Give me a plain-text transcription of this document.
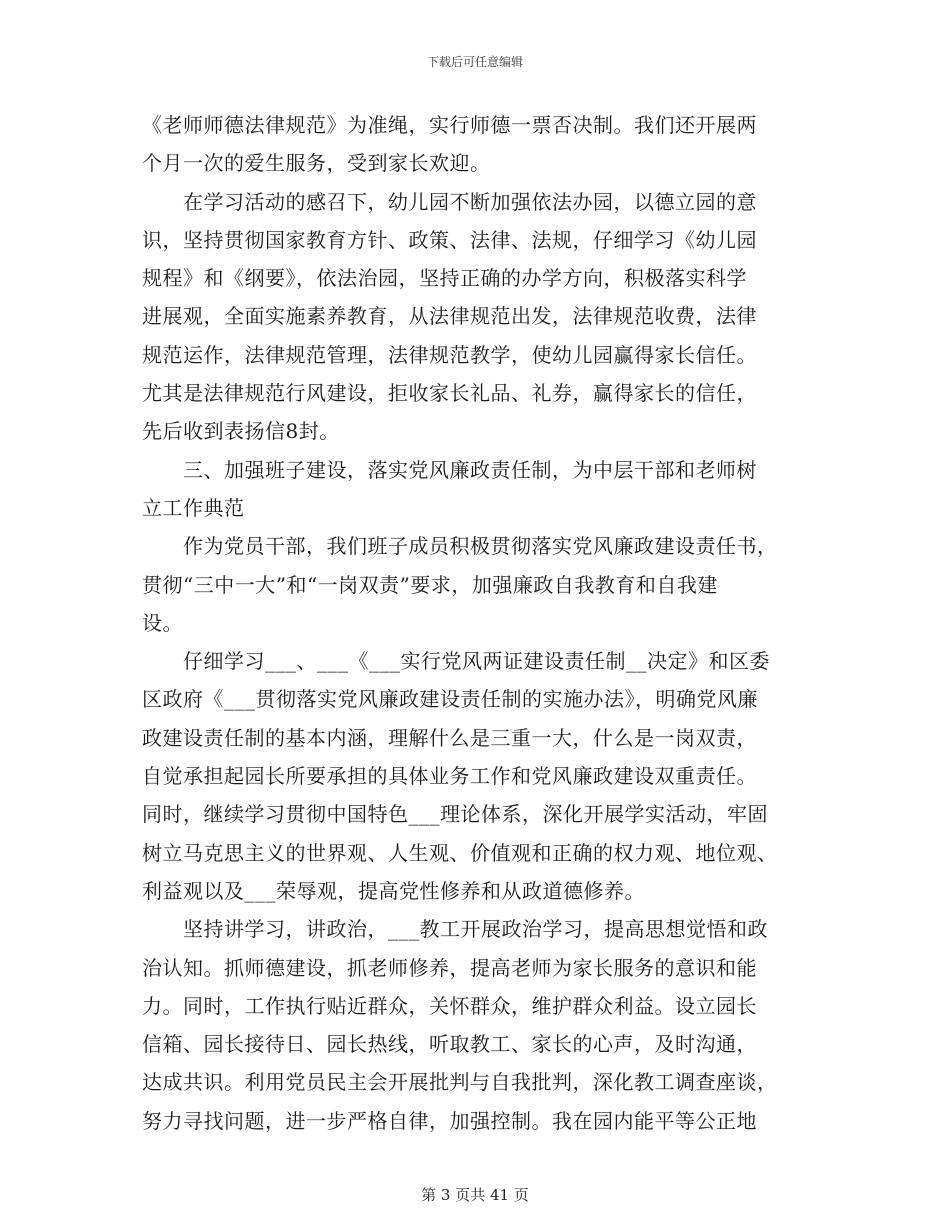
下载后可任意编辑
《老师师德法律规范》为准绳，实行师德一票否决制。我们还开展两
个月一次的爱生服务，受到家长欢迎。
　　在学习活动的感召下，幼儿园不断加强依法办园，以德立园的意
识，坚持贯彻国家教育方针、政策、法律、法规，仔细学习《幼儿园
规程》和《纲要》，依法治园，坚持正确的办学方向，积极落实科学
进展观，全面实施素养教育，从法律规范出发，法律规范收费，法律
规范运作，法律规范管理，法律规范教学，使幼儿园赢得家长信任。
尤其是法律规范行风建设，拒收家长礼品、礼券，赢得家长的信任，
先后收到表扬信8封。
　　三、加强班子建设，落实党风廉政责任制，为中层干部和老师树
立工作典范
　　作为党员干部，我们班子成员积极贯彻落实党风廉政建设责任书，
贯彻“三中一大”和“一岗双责”要求，加强廉政自我教育和自我建
设。
　　仔细学习___、___《___实行党风两证建设责任制__决定》和区委
区政府《___贯彻落实党风廉政建设责任制的实施办法》，明确党风廉
政建设责任制的基本内涵，理解什么是三重一大，什么是一岗双责，
自觉承担起园长所要承担的具体业务工作和党风廉政建设双重责任。
同时，继续学习贯彻中国特色___理论体系，深化开展学实活动，牢固
树立马克思主义的世界观、人生观、价值观和正确的权力观、地位观、
利益观以及___荣辱观，提高党性修养和从政道德修养。
　　坚持讲学习，讲政治，___教工开展政治学习，提高思想觉悟和政
治认知。抓师德建设，抓老师修养，提高老师为家长服务的意识和能
力。同时，工作执行贴近群众，关怀群众，维护群众利益。设立园长
信箱、园长接待日、园长热线，听取教工、家长的心声，及时沟通，
达成共识。利用党员民主会开展批判与自我批判，深化教工调查座谈，
努力寻找问题，进一步严格自律，加强控制。我在园内能平等公正地
第 3 页共 41 页
